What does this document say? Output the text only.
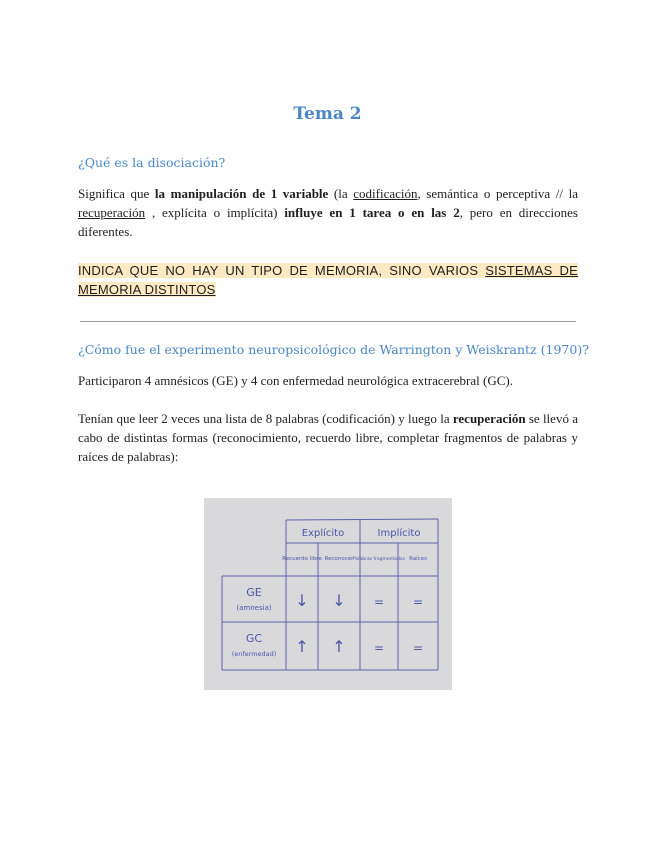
Tema 2
¿Qué es la disociación?
Significa que la manipulación de 1 variable (la codificación, semántica o perceptiva // la recuperación , explícita o implícita) influye en 1 tarea o en las 2, pero en direcciones diferentes.
INDICA QUE NO HAY UN TIPO DE MEMORIA, SINO VARIOS SISTEMAS DE MEMORIA DISTINTOS
¿Cómo fue el experimento neuropsicológico de Warrington y Weiskrantz (1970)?
Participaron 4 amnésicos (GE) y 4 con enfermedad neurológica extracerebral (GC).
Tenían que leer 2 veces una lista de 8 palabras (codificación) y luego la recuperación se llevó a cabo de distintas formas (reconocimiento, recuerdo libre, completar fragmentos de palabras y raíces de palabras):
Explícito	Implícito
Recuerdo libre Reconocer Palabras fragmentadas Raíces
GE
(amnesia) ↓ ↓ = =
GC
(enfermedad) ↑ ↑ = =
